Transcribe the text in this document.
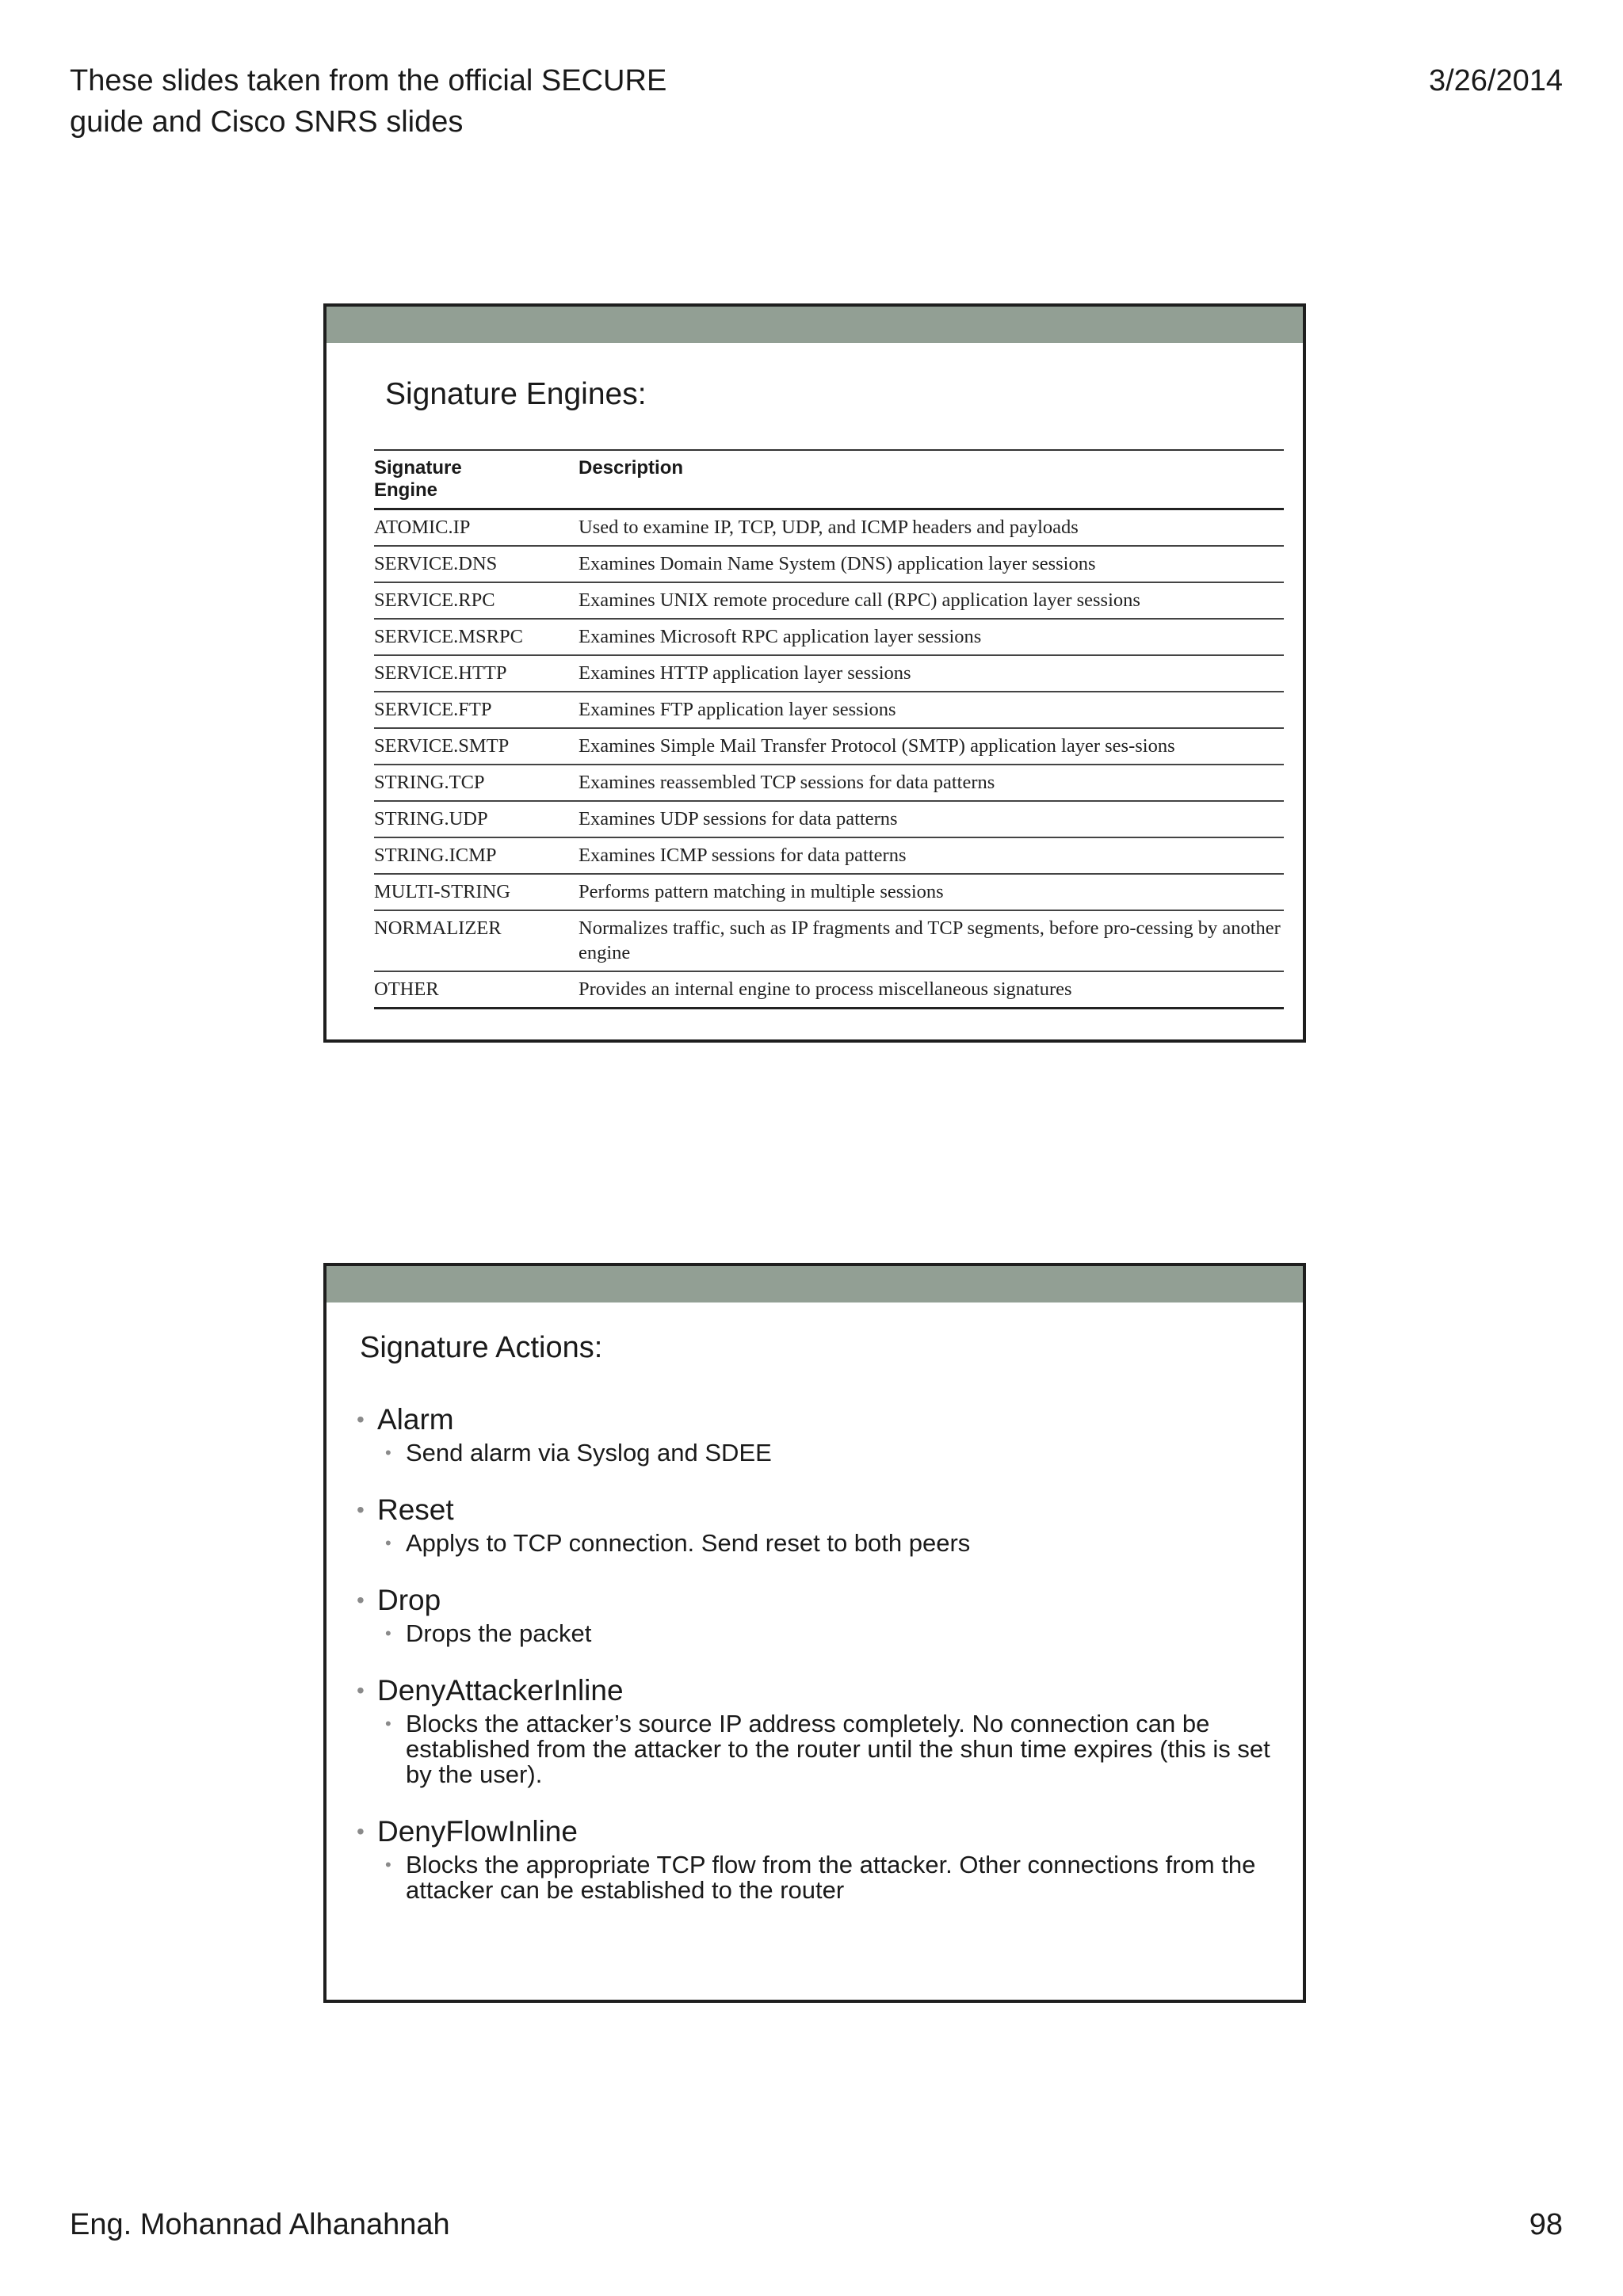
These slides taken from the official SECURE
guide and Cisco SNRS slides
3/26/2014
Signature Engines:
Signature Engine	Description
ATOMIC.IP	Used to examine IP, TCP, UDP, and ICMP headers and payloads
SERVICE.DNS	Examines Domain Name System (DNS) application layer sessions
SERVICE.RPC	Examines UNIX remote procedure call (RPC) application layer sessions
SERVICE.MSRPC	Examines Microsoft RPC application layer sessions
SERVICE.HTTP	Examines HTTP application layer sessions
SERVICE.FTP	Examines FTP application layer sessions
SERVICE.SMTP	Examines Simple Mail Transfer Protocol (SMTP) application layer ses-sions
STRING.TCP	Examines reassembled TCP sessions for data patterns
STRING.UDP	Examines UDP sessions for data patterns
STRING.ICMP	Examines ICMP sessions for data patterns
MULTI-STRING	Performs pattern matching in multiple sessions
NORMALIZER	Normalizes traffic, such as IP fragments and TCP segments, before pro-cessing by another engine
OTHER	Provides an internal engine to process miscellaneous signatures
Signature Actions:
• Alarm
• Send alarm via Syslog and SDEE
• Reset
• Applys to TCP connection. Send reset to both peers
• Drop
• Drops the packet
• DenyAttackerInline
• Blocks the attacker’s source IP address completely. No connection can be established from the attacker to the router until the shun time expires (this is set by the user).
• DenyFlowInline
• Blocks the appropriate TCP flow from the attacker. Other connections from the attacker can be established to the router
Eng. Mohannad Alhanahnah	98
